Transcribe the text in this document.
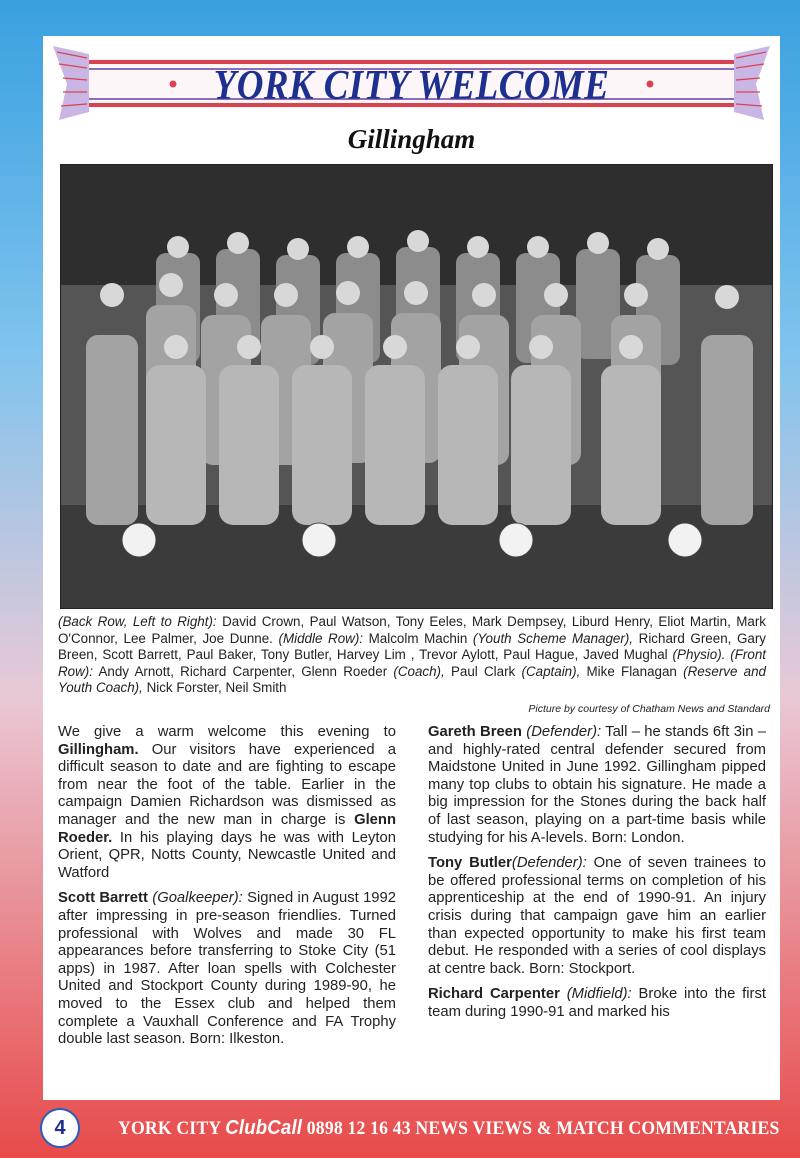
YORK CITY WELCOME
Gillingham
(Back Row, Left to Right): David Crown, Paul Watson, Tony Eeles, Mark Dempsey, Liburd Henry, Eliot Martin, Mark O'Connor, Lee Palmer, Joe Dunne. (Middle Row): Malcolm Machin (Youth Scheme Manager), Richard Green, Gary Breen, Scott Barrett, Paul Baker, Tony Butler, Harvey Lim , Trevor Aylott, Paul Hague, Javed Mughal (Physio). (Front Row): Andy Arnott, Richard Carpenter, Glenn Roeder (Coach), Paul Clark (Captain), Mike Flanagan (Reserve and Youth Coach), Nick Forster, Neil Smith
Picture by courtesy of Chatham News and Standard

We give a warm welcome this evening to Gillingham. Our visitors have experienced a difficult season to date and are fighting to escape from near the foot of the table. Earlier in the campaign Damien Richardson was dismissed as manager and the new man in charge is Glenn Roeder. In his playing days he was with Leyton Orient, QPR, Notts County, Newcastle United and Watford

Scott Barrett (Goalkeeper): Signed in August 1992 after impressing in pre-season friendlies. Turned professional with Wolves and made 30 FL appearances before transferring to Stoke City (51 apps) in 1987. After loan spells with Colchester United and Stockport County during 1989-90, he moved to the Essex club and helped them complete a Vauxhall Conference and FA Trophy double last season. Born: Ilkeston.

Gareth Breen (Defender): Tall – he stands 6ft 3in – and highly-rated central defender secured from Maidstone United in June 1992. Gillingham pipped many top clubs to obtain his signature. He made a big impression for the Stones during the back half of last season, playing on a part-time basis while studying for his A-levels. Born: London.

Tony Butler(Defender): One of seven trainees to be offered professional terms on completion of his apprenticeship at the end of 1990-91. An injury crisis during that campaign gave him an earlier than expected opportunity to make his first team debut. He responded with a series of cool displays at centre back. Born: Stockport.

Richard Carpenter (Midfield): Broke into the first team during 1990-91 and marked his

4	YORK CITY ClubCall 0898 12 16 43 NEWS VIEWS & MATCH COMMENTARIES
